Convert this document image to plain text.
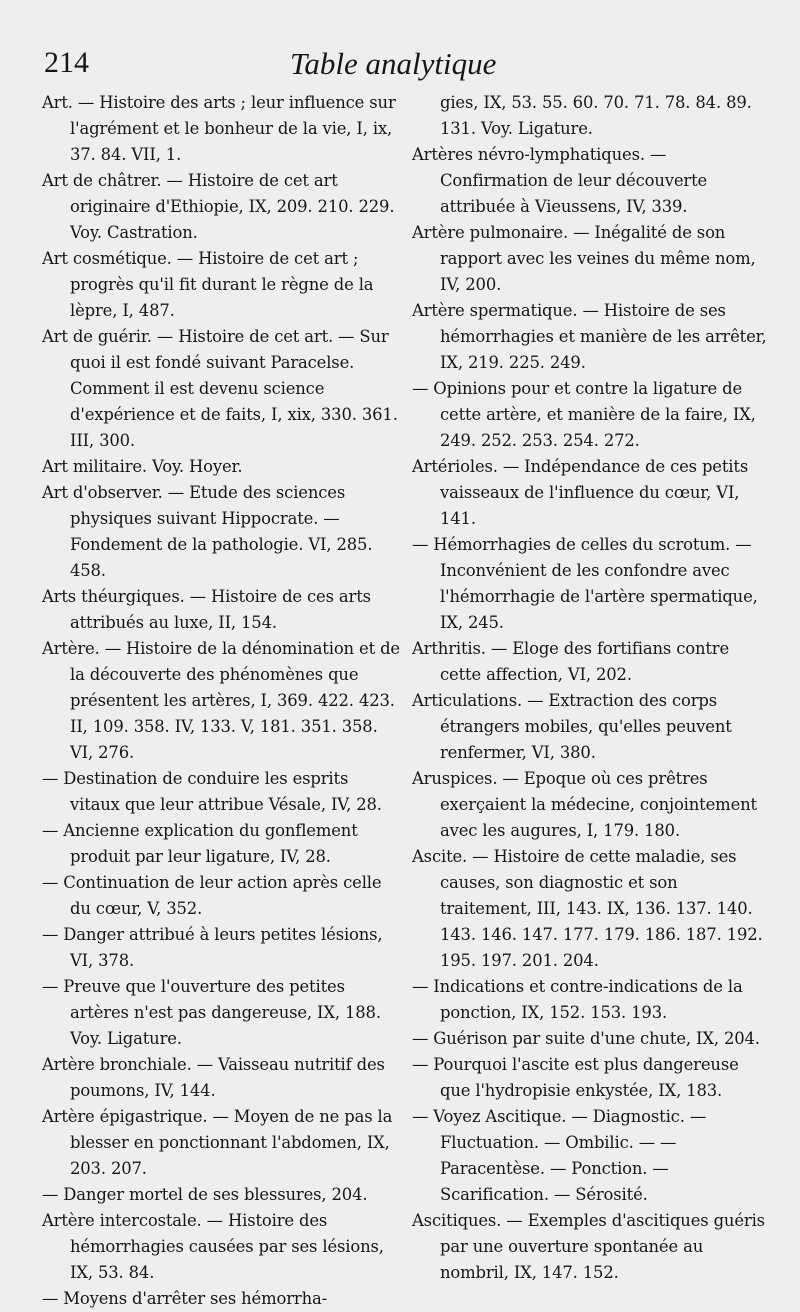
214	Table analytique

Art. — Histoire des arts ; leur influence sur l'agrément et le bonheur de la vie, I, ix, 37. 84. VII, 1.

Art de châtrer. — Histoire de cet art originaire d'Ethiopie, IX, 209. 210. 229. Voy. Castration.

Art cosmétique. — Histoire de cet art ; progrès qu'il fit durant le règne de la lèpre, I, 487.

Art de guérir. — Histoire de cet art. — Sur quoi il est fondé suivant Paracelse. Comment il est devenu science d'expérience et de faits, I, xix, 330. 361. III, 300.

Art militaire. Voy. Hoyer.

Art d'observer. — Etude des sciences physiques suivant Hippocrate. — Fondement de la pathologie. VI, 285. 458.

Arts théurgiques. — Histoire de ces arts attribués au luxe, II, 154.

Artère. — Histoire de la dénomination et de la découverte des phénomènes que présentent les artères, I, 369. 422. 423. II, 109. 358. IV, 133. V, 181. 351. 358. VI, 276.

— Destination de conduire les esprits vitaux que leur attribue Vésale, IV, 28.

— Ancienne explication du gonflement produit par leur ligature, IV, 28.

— Continuation de leur action après celle du cœur, V, 352.

— Danger attribué à leurs petites lésions, VI, 378.

— Preuve que l'ouverture des petites artères n'est pas dangereuse, IX, 188. Voy. Ligature.

Artère bronchiale. — Vaisseau nutritif des poumons, IV, 144.

Artère épigastrique. — Moyen de ne pas la blesser en ponctionnant l'abdomen, IX, 203. 207.

— Danger mortel de ses blessures, 204.

Artère intercostale. — Histoire des hémorrhagies causées par ses lésions, IX, 53. 84.

— Moyens d'arrêter ses hémorrha-

gies, IX, 53. 55. 60. 70. 71. 78. 84. 89. 131. Voy. Ligature.

Artères névro-lymphatiques. — Confirmation de leur découverte attribuée à Vieussens, IV, 339.

Artère pulmonaire. — Inégalité de son rapport avec les veines du même nom, IV, 200.

Artère spermatique. — Histoire de ses hémorrhagies et manière de les arrêter, IX, 219. 225. 249.

— Opinions pour et contre la ligature de cette artère, et manière de la faire, IX, 249. 252. 253. 254. 272.

Artérioles. — Indépendance de ces petits vaisseaux de l'influence du cœur, VI, 141.

— Hémorrhagies de celles du scrotum. — Inconvénient de les confondre avec l'hémorrhagie de l'artère spermatique, IX, 245.

Arthritis. — Eloge des fortifians contre cette affection, VI, 202.

Articulations. — Extraction des corps étrangers mobiles, qu'elles peuvent renfermer, VI, 380.

Aruspices. — Epoque où ces prêtres exerçaient la médecine, conjointement avec les augures, I, 179. 180.

Ascite. — Histoire de cette maladie, ses causes, son diagnostic et son traitement, III, 143. IX, 136. 137. 140. 143. 146. 147. 177. 179. 186. 187. 192. 195. 197. 201. 204.

— Indications et contre-indications de la ponction, IX, 152. 153. 193.

— Guérison par suite d'une chute, IX, 204.

— Pourquoi l'ascite est plus dangereuse que l'hydropisie enkystée, IX, 183.

— Voyez Ascitique. — Diagnostic. — Fluctuation. — Ombilic. — — Paracentèse. — Ponction. — Scarification. — Sérosité.

Ascitiques. — Exemples d'ascitiques guéris par une ouverture spontanée au nombril, IX, 147. 152.
